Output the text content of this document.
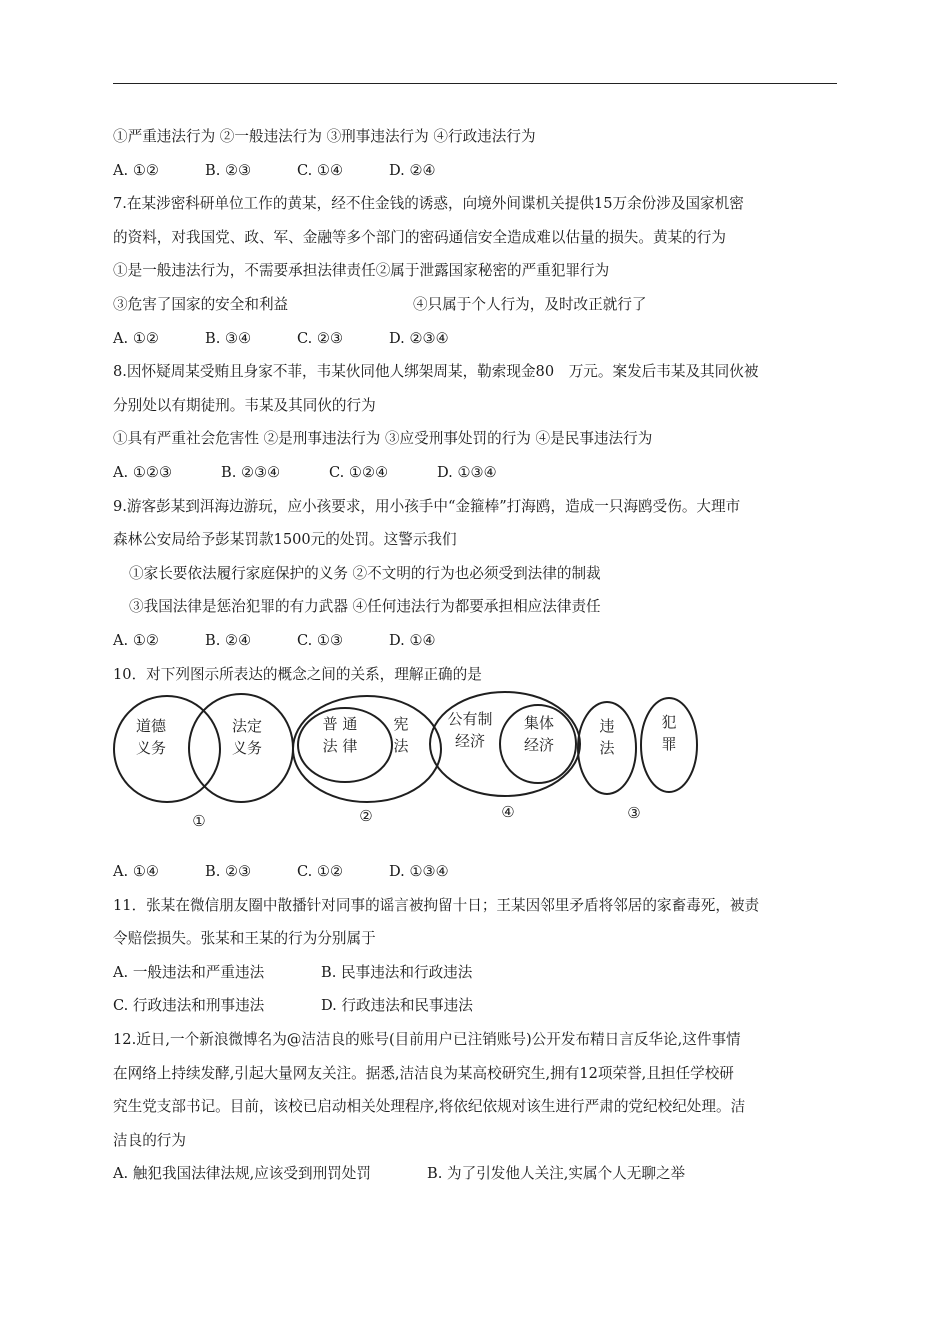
①严重违法行为 ②一般违法行为 ③刑事违法行为 ④行政违法行为
A. ①②	B. ②③	C. ①④	D. ②④
7.在某涉密科研单位工作的黄某，经不住金钱的诱惑，向境外间谍机关提供15万余份涉及国家机密
的资料，对我国党、政、军、金融等多个部门的密码通信安全造成难以估量的损失。黄某的行为
①是一般违法行为，不需要承担法律责任②属于泄露国家秘密的严重犯罪行为
③危害了国家的安全和利益	④只属于个人行为，及时改正就行了
A. ①②	B. ③④	C. ②③	D. ②③④
8.因怀疑周某受贿且身家不菲，韦某伙同他人绑架周某，勒索现金80　万元。案发后韦某及其同伙被
分别处以有期徒刑。韦某及其同伙的行为
①具有严重社会危害性 ②是刑事违法行为 ③应受刑事处罚的行为 ④是民事违法行为
A. ①②③	B. ②③④	C. ①②④	D. ①③④
9.游客彭某到洱海边游玩，应小孩要求，用小孩手中“金箍棒”打海鸥，造成一只海鸥受伤。大理市
森林公安局给予彭某罚款1500元的处罚。这警示我们
①家长要依法履行家庭保护的义务 ②不文明的行为也必须受到法律的制裁
③我国法律是惩治犯罪的有力武器 ④任何违法行为都要承担相应法律责任
A. ①②	B. ②④	C. ①③	D. ①④
10．对下列图示所表达的概念之间的关系，理解正确的是
道德
义务
法定
义务
①
普 通
法 律
宪
法
②
公有制
经济
集体
经济
④
违
法
犯
罪
③
A. ①④	B. ②③	C. ①②	D. ①③④
11．张某在微信朋友圈中散播针对同事的谣言被拘留十日；王某因邻里矛盾将邻居的家畜毒死，被责
令赔偿损失。张某和王某的行为分别属于
A. 一般违法和严重违法	B. 民事违法和行政违法
C. 行政违法和刑事违法	D. 行政违法和民事违法
12.近日,一个新浪微博名为@洁洁良的账号(目前用户已注销账号)公开发布精日言反华论,这件事情
在网络上持续发酵,引起大量网友关注。据悉,洁洁良为某高校研究生,拥有12项荣誉,且担任学校研
究生党支部书记。目前，该校已启动相关处理程序,将依纪依规对该生进行严肃的党纪校纪处理。洁
洁良的行为
A. 触犯我国法律法规,应该受到刑罚处罚	B. 为了引发他人关注,实属个人无聊之举
